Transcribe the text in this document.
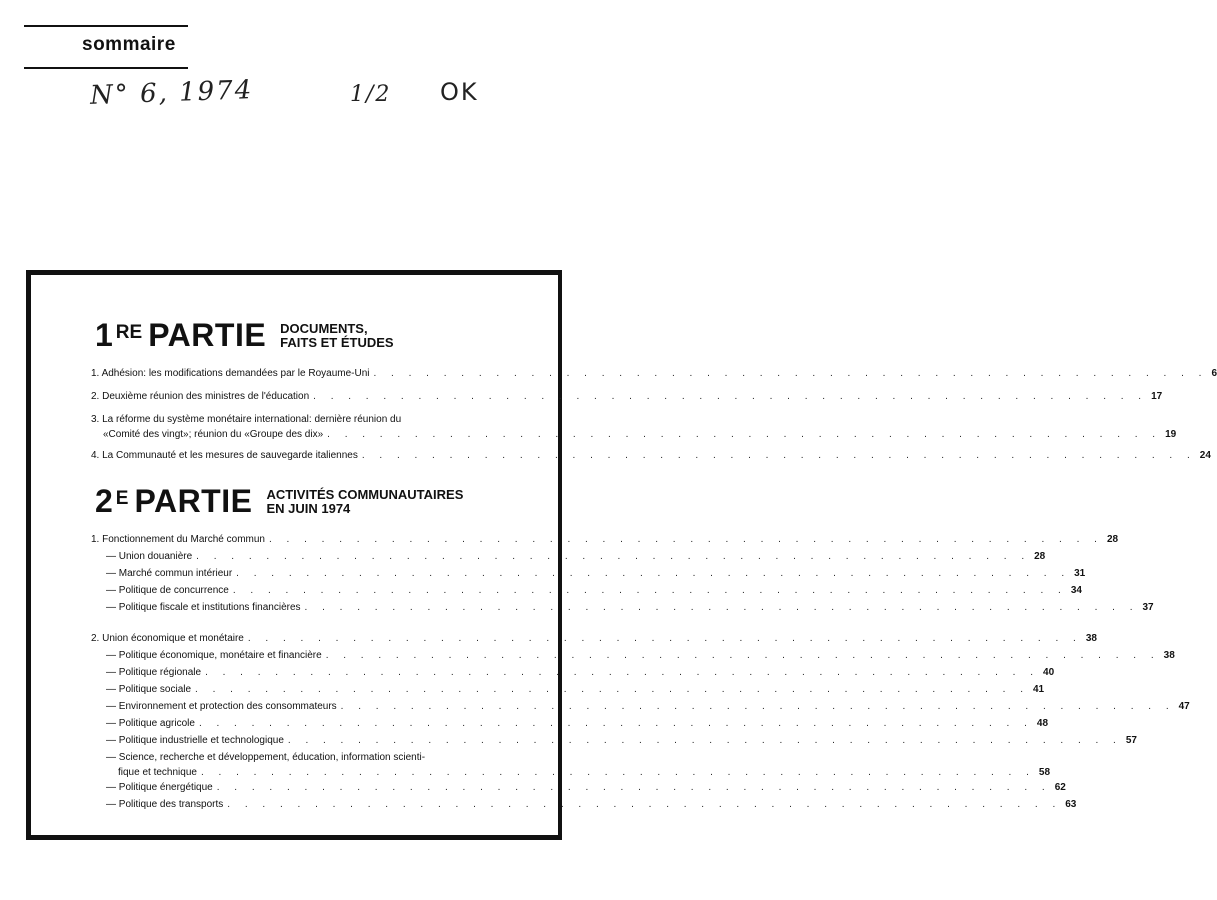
sommaire
N° 6, 1974	1/2 OK
1 RE PARTIE DOCUMENTS,
FAITS ET ÉTUDES
1. Adhésion: les modifications demandées par le Royaume-Uni . . . . . . . . . . . . . . . . . . . . . . . . . . . . . . . . . . . . . . . . . . . . . . . . 6
2. Deuxième réunion des ministres de l'éducation . . . . . . . . . . . . . . . . . . . . . . . . . . . . . . . . . . . . . . . . . . . . . . . . 17
3. La réforme du système monétaire international: dernière réunion du
«Comité des vingt»; réunion du «Groupe des dix» . . . . . . . . . . . . . . . . . . . . . . . . . . . . . . . . . . . . . . . . . . . . . . . . 19
4. La Communauté et les mesures de sauvegarde italiennes . . . . . . . . . . . . . . . . . . . . . . . . . . . . . . . . . . . . . . . . . . . . . . . . 24
2 E PARTIE ACTIVITÉS COMMUNAUTAIRES
EN JUIN 1974
1. Fonctionnement du Marché commun . . . . . . . . . . . . . . . . . . . . . . . . . . . . . . . . . . . . . . . . . . . . . . . . 28
— Union douanière . . . . . . . . . . . . . . . . . . . . . . . . . . . . . . . . . . . . . . . . . . . . . . . . 28
— Marché commun intérieur . . . . . . . . . . . . . . . . . . . . . . . . . . . . . . . . . . . . . . . . . . . . . . . . 31
— Politique de concurrence . . . . . . . . . . . . . . . . . . . . . . . . . . . . . . . . . . . . . . . . . . . . . . . . 34
— Politique fiscale et institutions financières . . . . . . . . . . . . . . . . . . . . . . . . . . . . . . . . . . . . . . . . . . . . . . . . 37
2. Union économique et monétaire . . . . . . . . . . . . . . . . . . . . . . . . . . . . . . . . . . . . . . . . . . . . . . . . 38
— Politique économique, monétaire et financière . . . . . . . . . . . . . . . . . . . . . . . . . . . . . . . . . . . . . . . . . . . . . . . . 38
— Politique régionale . . . . . . . . . . . . . . . . . . . . . . . . . . . . . . . . . . . . . . . . . . . . . . . . 40
— Politique sociale . . . . . . . . . . . . . . . . . . . . . . . . . . . . . . . . . . . . . . . . . . . . . . . . 41
— Environnement et protection des consommateurs . . . . . . . . . . . . . . . . . . . . . . . . . . . . . . . . . . . . . . . . . . . . . . . . 47
— Politique agricole . . . . . . . . . . . . . . . . . . . . . . . . . . . . . . . . . . . . . . . . . . . . . . . . 48
— Politique industrielle et technologique . . . . . . . . . . . . . . . . . . . . . . . . . . . . . . . . . . . . . . . . . . . . . . . . 57
— Science, recherche et développement, éducation, information scienti-
fique et technique . . . . . . . . . . . . . . . . . . . . . . . . . . . . . . . . . . . . . . . . . . . . . . . . 58
— Politique énergétique . . . . . . . . . . . . . . . . . . . . . . . . . . . . . . . . . . . . . . . . . . . . . . . . 62
— Politique des transports . . . . . . . . . . . . . . . . . . . . . . . . . . . . . . . . . . . . . . . . . . . . . . . . 63
